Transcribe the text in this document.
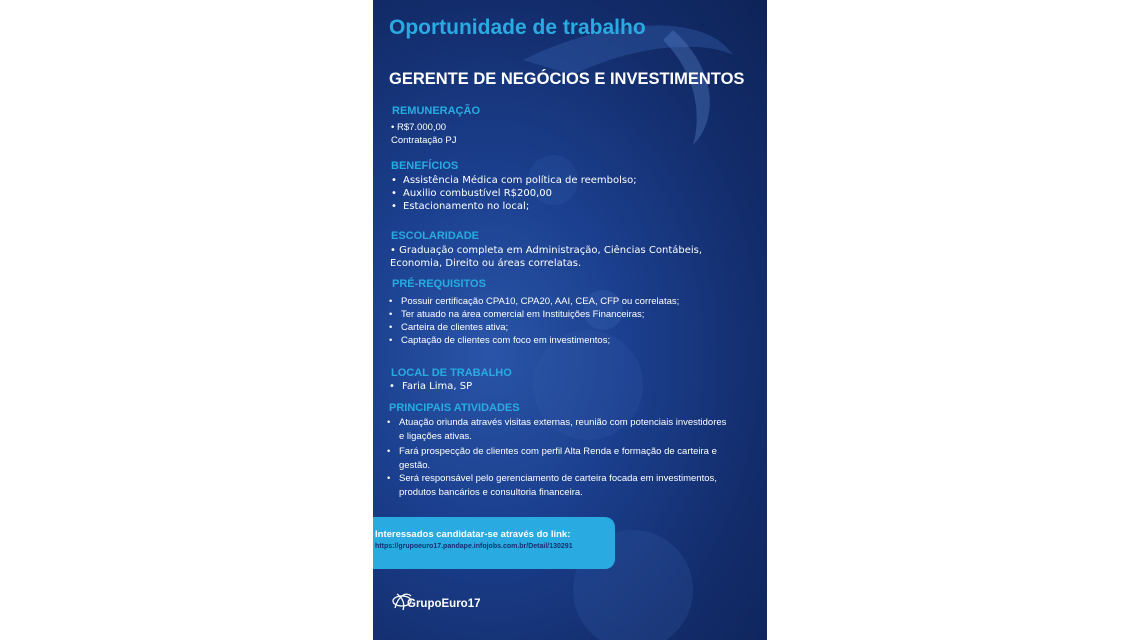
Oportunidade de trabalho
GERENTE DE NEGÓCIOS E INVESTIMENTOS
REMUNERAÇÃO
• R$7.000,00
Contratação PJ
BENEFÍCIOS
• Assistência Médica com política de reembolso;
• Auxilio combustível R$200,00
• Estacionamento no local;
ESCOLARIDADE
• Graduação completa em Administração, Ciências Contábeis, Economia, Direito ou áreas correlatas.
PRÉ-REQUISITOS
• Possuir certificação CPA10, CPA20, AAI, CEA, CFP ou correlatas;
• Ter atuado na área comercial em Instituições Financeiras;
• Carteira de clientes ativa;
• Captação de clientes com foco em investimentos;
LOCAL DE TRABALHO
• Faria Lima, SP
PRINCIPAIS ATIVIDADES
• Atuação oriunda através visitas externas, reunião com potenciais investidores e ligações ativas.
• Fará prospecção de clientes com perfil Alta Renda e formação de carteira e gestão.
• Será responsável pelo gerenciamento de carteira focada em investimentos, produtos bancários e consultoria financeira.
Interessados candidatar-se através do link:
https://grupoeuro17.pandape.infojobs.com.br/Detail/130291
GrupoEuro17
